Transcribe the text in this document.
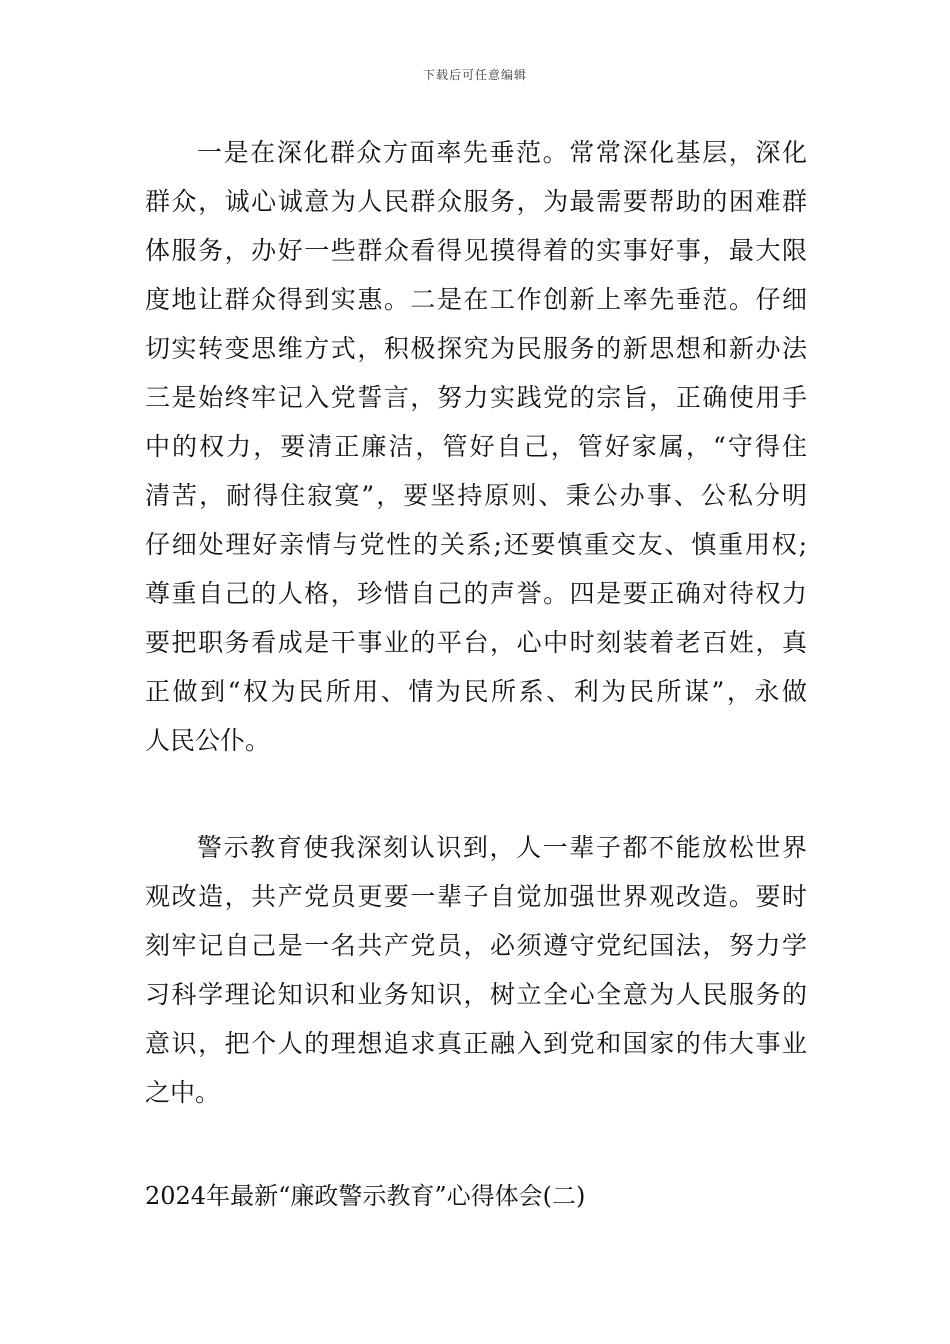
下载后可任意编辑
一是在深化群众方面率先垂范。常常深化基层，深化
群众，诚心诚意为人民群众服务，为最需要帮助的困难群
体服务，办好一些群众看得见摸得着的实事好事，最大限
度地让群众得到实惠。二是在工作创新上率先垂范。仔细
切实转变思维方式，积极探究为民服务的新思想和新办法
三是始终牢记入党誓言，努力实践党的宗旨，正确使用手
中的权力，要清正廉洁，管好自己，管好家属，“守得住
清苦，耐得住寂寞”，要坚持原则、秉公办事、公私分明
仔细处理好亲情与党性的关系;还要慎重交友、慎重用权;
尊重自己的人格，珍惜自己的声誉。四是要正确对待权力
要把职务看成是干事业的平台，心中时刻装着老百姓，真
正做到“权为民所用、情为民所系、利为民所谋”，永做
人民公仆。
警示教育使我深刻认识到，人一辈子都不能放松世界
观改造，共产党员更要一辈子自觉加强世界观改造。要时
刻牢记自己是一名共产党员，必须遵守党纪国法，努力学
习科学理论知识和业务知识，树立全心全意为人民服务的
意识，把个人的理想追求真正融入到党和国家的伟大事业
之中。
2024年最新“廉政警示教育”心得体会(二)
